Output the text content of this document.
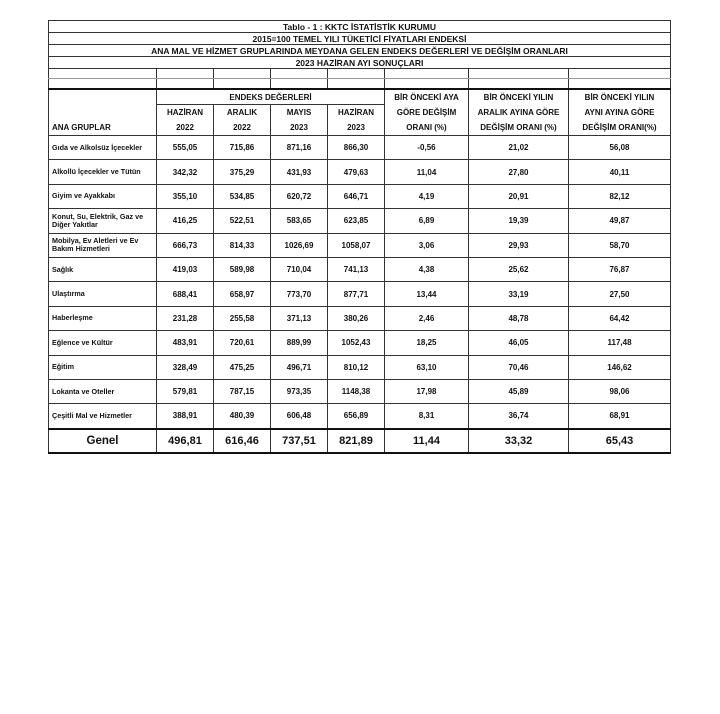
Tablo - 1 : KKTC İSTATİSTİK KURUMU							
2015=100 TEMEL YILI TÜKETİCİ FİYATLARI ENDEKSİ							
ANA MAL VE HİZMET GRUPLARINDA MEYDANA GELEN ENDEKS DEĞERLERİ VE DEĞİŞİM ORANLARI							
2023 HAZİRAN AYI SONUÇLARI							

	ENDEKS DEĞERLERİ				BİR ÖNCEKİ AYA	BİR ÖNCEKİ YILIN	BİR ÖNCEKİ YILIN
	HAZİRAN	ARALIK	MAYIS	HAZİRAN	GÖRE DEĞİŞİM	ARALIK AYINA GÖRE	AYNI AYINA GÖRE
ANA GRUPLAR	2022	2022	2023	2023	ORANI (%)	DEĞİŞİM ORANI (%)	DEĞİŞİM ORANI(%)
Gıda ve Alkolsüz İçecekler	555,05	715,86	871,16	866,30	-0,56	21,02	56,08
Alkollü İçecekler ve Tütün	342,32	375,29	431,93	479,63	11,04	27,80	40,11
Giyim ve Ayakkabı	355,10	534,85	620,72	646,71	4,19	20,91	82,12
Konut, Su, Elektrik, Gaz ve Diğer Yakıtlar	416,25	522,51	583,65	623,85	6,89	19,39	49,87
Mobilya, Ev Aletleri ve Ev Bakım Hizmetleri	666,73	814,33	1026,69	1058,07	3,06	29,93	58,70
Sağlık	419,03	589,98	710,04	741,13	4,38	25,62	76,87
Ulaştırma	688,41	658,97	773,70	877,71	13,44	33,19	27,50
Haberleşme	231,28	255,58	371,13	380,26	2,46	48,78	64,42
Eğlence ve Kültür	483,91	720,61	889,99	1052,43	18,25	46,05	117,48
Eğitim	328,49	475,25	496,71	810,12	63,10	70,46	146,62
Lokanta ve Oteller	579,81	787,15	973,35	1148,38	17,98	45,89	98,06
Çeşitli Mal ve Hizmetler	388,91	480,39	606,48	656,89	8,31	36,74	68,91
Genel	496,81	616,46	737,51	821,89	11,44	33,32	65,43
